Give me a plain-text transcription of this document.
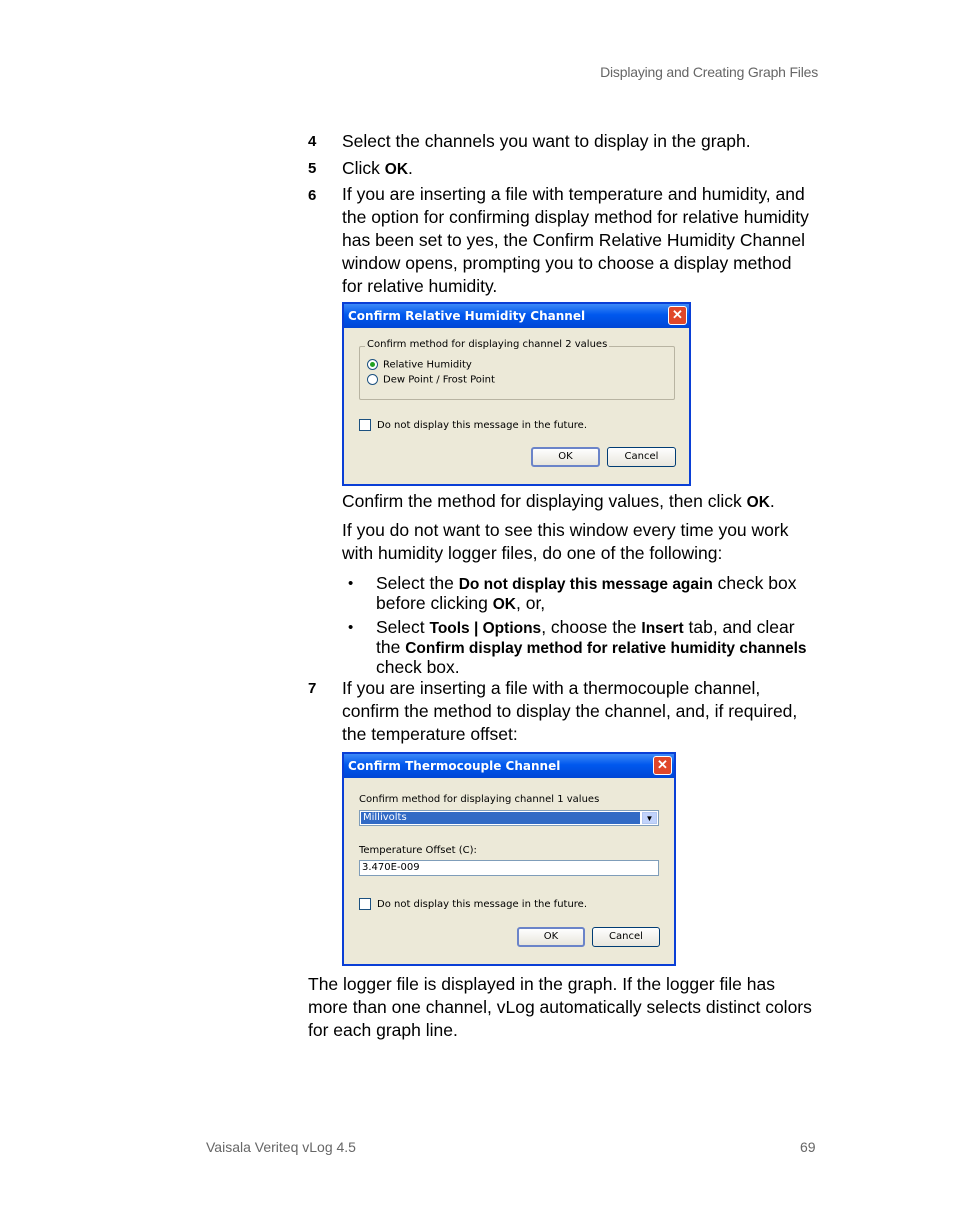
Displaying and Creating Graph Files
Vaisala Veriteq vLog 4.5	69
4 Select the channels you want to display in the graph.
5 Click OK.
6 If you are inserting a file with temperature and humidity, and the option for confirming display method for relative humidity has been set to yes, the Confirm Relative Humidity Channel window opens, prompting you to choose a display method for relative humidity.
Confirm Relative Humidity Channel	✕
Confirm method for displaying channel 2 values
Relative Humidity
Dew Point / Frost Point
Do not display this message in the future.
OK	Cancel
Confirm the method for displaying values, then click OK.
If you do not want to see this window every time you work with humidity logger files, do one of the following:
• Select the Do not display this message again check box before clicking OK, or,
• Select Tools | Options, choose the Insert tab, and clear the Confirm display method for relative humidity channels check box.
7 If you are inserting a file with a thermocouple channel, confirm the method to display the channel, and, if required, the temperature offset:
Confirm Thermocouple Channel	✕
Confirm method for displaying channel 1 values
Millivolts	▼
Temperature Offset (C):
3.470E-009
Do not display this message in the future.
OK	Cancel
The logger file is displayed in the graph. If the logger file has more than one channel, vLog automatically selects distinct colors for each graph line.
